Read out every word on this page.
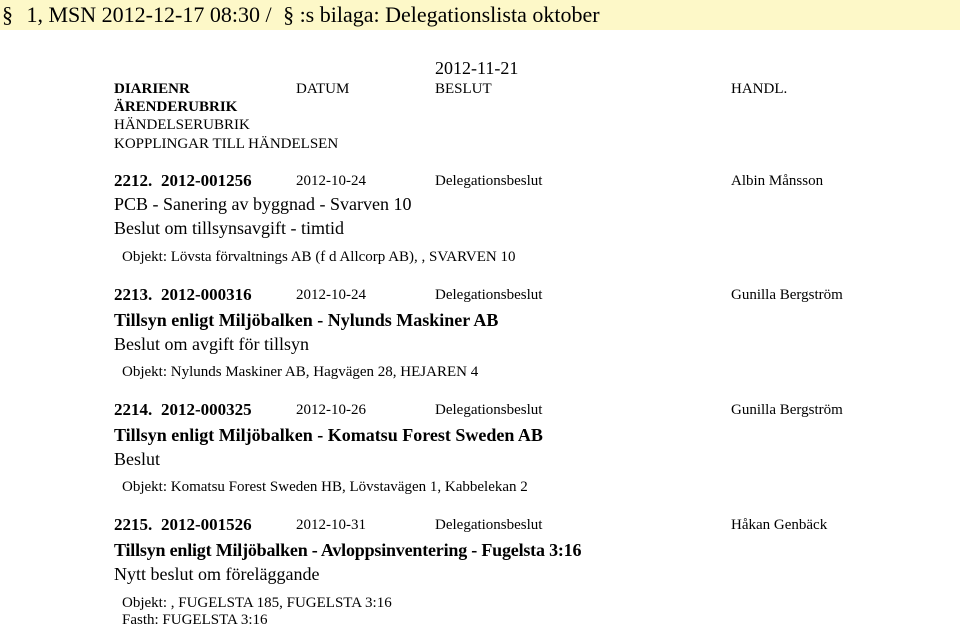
§ 1, MSN 2012-12-17 08:30 / § :s bilaga: Delegationslista oktober
2012-11-21
DIARIENR	DATUM	BESLUT	HANDL.
ÄRENDERUBRIK
HÄNDELSERUBRIK
KOPPLINGAR TILL HÄNDELSEN
2212. 2012-001256	2012-10-24	Delegationsbeslut	Albin Månsson
PCB - Sanering av byggnad - Svarven 10
Beslut om tillsynsavgift - timtid
Objekt: Lövsta förvaltnings AB (f d Allcorp AB), , SVARVEN 10
2213. 2012-000316	2012-10-24	Delegationsbeslut	Gunilla Bergström
Tillsyn enligt Miljöbalken - Nylunds Maskiner AB
Beslut om avgift för tillsyn
Objekt: Nylunds Maskiner AB, Hagvägen 28, HEJAREN 4
2214. 2012-000325	2012-10-26	Delegationsbeslut	Gunilla Bergström
Tillsyn enligt Miljöbalken - Komatsu Forest Sweden AB
Beslut
Objekt: Komatsu Forest Sweden HB, Lövstavägen 1, Kabbelekan 2
2215. 2012-001526	2012-10-31	Delegationsbeslut	Håkan Genbäck
Tillsyn enligt Miljöbalken - Avloppsinventering - Fugelsta 3:16
Nytt beslut om föreläggande
Objekt: , FUGELSTA 185, FUGELSTA 3:16
Fasth: FUGELSTA 3:16
